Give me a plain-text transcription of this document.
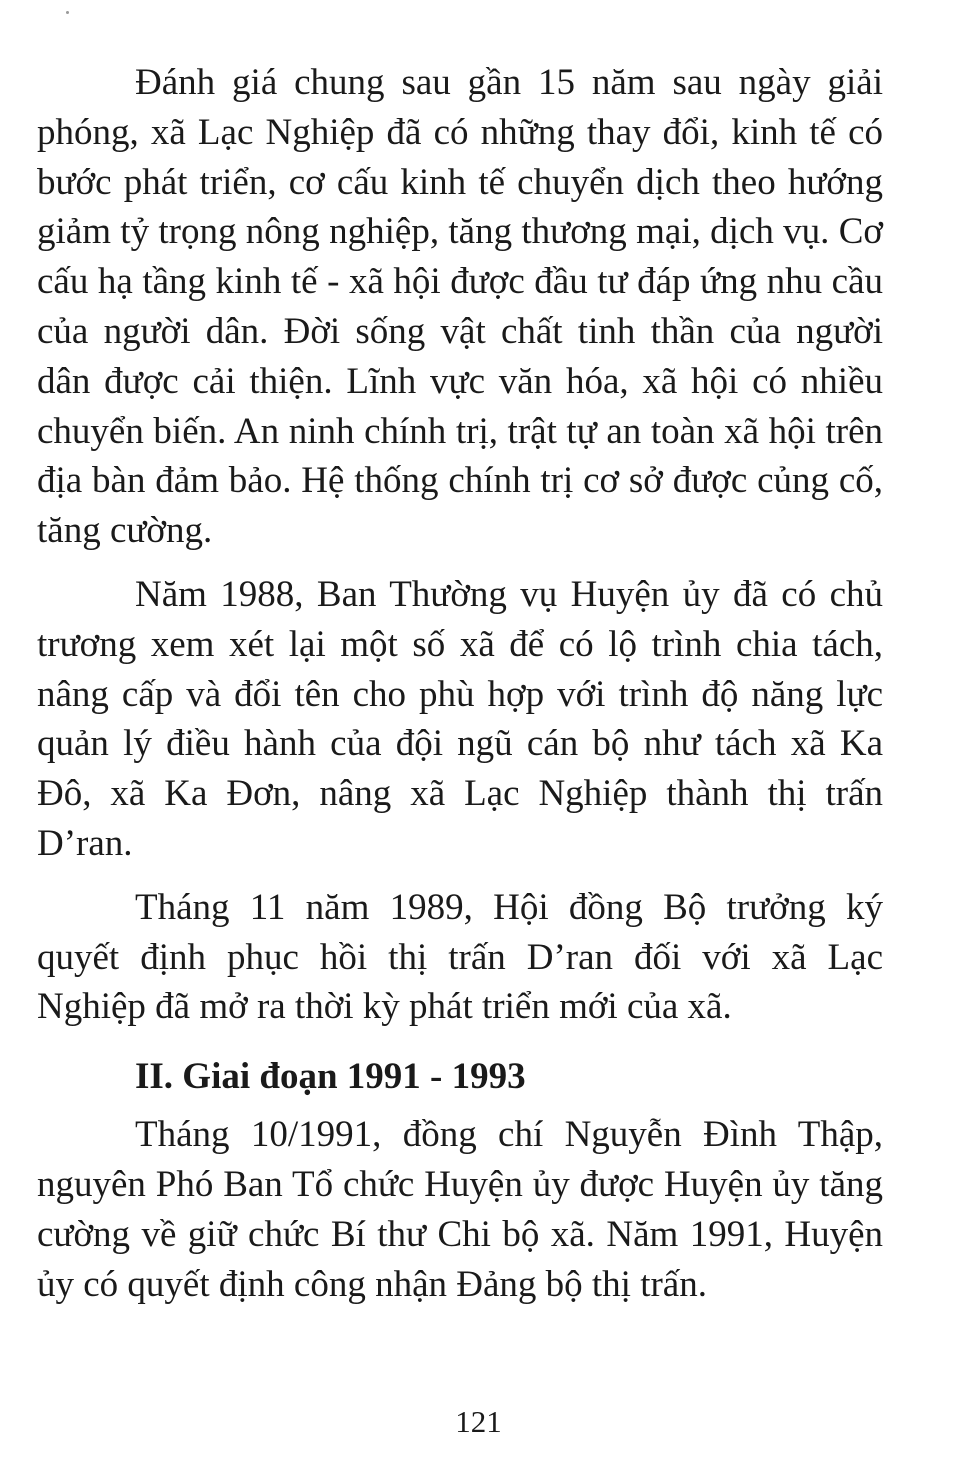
Đánh giá chung sau gần 15 năm sau ngày giải phóng, xã Lạc Nghiệp đã có những thay đổi, kinh tế có bước phát triển, cơ cấu kinh tế chuyển dịch theo hướng giảm tỷ trọng nông nghiệp, tăng thương mại, dịch vụ. Cơ cấu hạ tầng kinh tế - xã hội được đầu tư đáp ứng nhu cầu của người dân. Đời sống vật chất tinh thần của người dân được cải thiện. Lĩnh vực văn hóa, xã hội có nhiều chuyển biến. An ninh chính trị, trật tự an toàn xã hội trên địa bàn đảm bảo. Hệ thống chính trị cơ sở được củng cố, tăng cường.

Năm 1988, Ban Thường vụ Huyện ủy đã có chủ trương xem xét lại một số xã để có lộ trình chia tách, nâng cấp và đổi tên cho phù hợp với trình độ năng lực quản lý điều hành của đội ngũ cán bộ như tách xã Ka Đô, xã Ka Đơn, nâng xã Lạc Nghiệp thành thị trấn D’ran.

Tháng 11 năm 1989, Hội đồng Bộ trưởng ký quyết định phục hồi thị trấn D’ran đối với xã Lạc Nghiệp đã mở ra thời kỳ phát triển mới của xã.

II. Giai đoạn 1991 - 1993

Tháng 10/1991, đồng chí Nguyễn Đình Thập, nguyên Phó Ban Tổ chức Huyện ủy được Huyện ủy tăng cường về giữ chức Bí thư Chi bộ xã. Năm 1991, Huyện ủy có quyết định công nhận Đảng bộ thị trấn.

121
